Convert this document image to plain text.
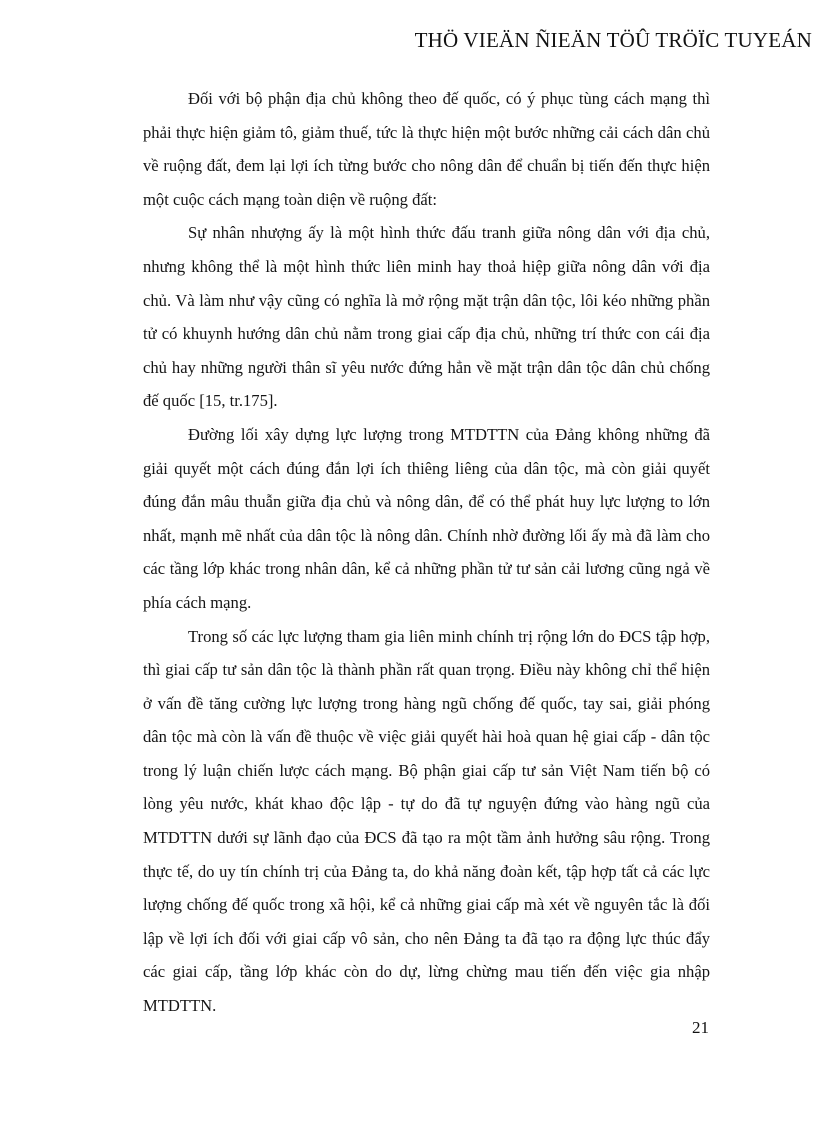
THÖ VIEÄN ÑIEÄN TÖÛ TRÖÏC TUYEÁN

Đối với bộ phận địa chủ không theo đế quốc, có ý phục tùng cách mạng thì phải thực hiện giảm tô, giảm thuế, tức là thực hiện một bước những cải cách dân chủ về ruộng đất, đem lại lợi ích từng bước cho nông dân để chuẩn bị tiến đến thực hiện một cuộc cách mạng toàn diện về ruộng đất:

Sự nhân nhượng ấy là một hình thức đấu tranh giữa nông dân với địa chủ, nhưng không thể là một hình thức liên minh hay thoả hiệp giữa nông dân với địa chủ. Và làm như vậy cũng có nghĩa là mở rộng mặt trận dân tộc, lôi kéo những phần tử có khuynh hướng dân chủ nằm trong giai cấp địa chủ, những trí thức con cái địa chủ hay những người thân sĩ yêu nước đứng hẳn về mặt trận dân tộc dân chủ chống đế quốc [15, tr.175].

Đường lối xây dựng lực lượng trong MTDTTN của Đảng không những đã giải quyết một cách đúng đắn lợi ích thiêng liêng của dân tộc, mà còn giải quyết đúng đắn mâu thuẫn giữa địa chủ và nông dân, để có thể phát huy lực lượng to lớn nhất, mạnh mẽ nhất của dân tộc là nông dân. Chính nhờ đường lối ấy mà đã làm cho các tầng lớp khác trong nhân dân, kể cả những phần tử tư sản cải lương cũng ngả về phía cách mạng.

Trong số các lực lượng tham gia liên minh chính trị rộng lớn do ĐCS tập hợp, thì giai cấp tư sản dân tộc là thành phần rất quan trọng. Điều này không chỉ thể hiện ở vấn đề tăng cường lực lượng trong hàng ngũ chống đế quốc, tay sai, giải phóng dân tộc mà còn là vấn đề thuộc về việc giải quyết hài hoà quan hệ giai cấp - dân tộc trong lý luận chiến lược cách mạng. Bộ phận giai cấp tư sản Việt Nam tiến bộ có lòng yêu nước, khát khao độc lập - tự do đã tự nguyện đứng vào hàng ngũ của MTDTTN dưới sự lãnh đạo của ĐCS đã tạo ra một tầm ảnh hưởng sâu rộng. Trong thực tế, do uy tín chính trị của Đảng ta, do khả năng đoàn kết, tập hợp tất cả các lực lượng chống đế quốc trong xã hội, kể cả những giai cấp mà xét về nguyên tắc là đối lập về lợi ích đối với giai cấp vô sản, cho nên Đảng ta đã tạo ra động lực thúc đẩy các giai cấp, tầng lớp khác còn do dự, lừng chừng mau tiến đến việc gia nhập MTDTTN.

21
